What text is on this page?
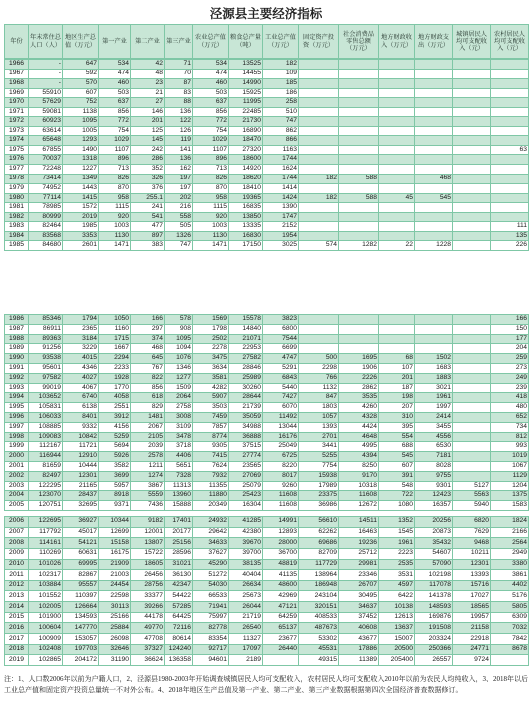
泾源县主要经济指标
年份	年末常住总人口（人）	地区生产总值（万元）	第一产业	第二产业	第三产业	农业总产值（万元）	粮食总产量（吨）	工业总产值（万元）	固定资产投资（万元）	社会消费品零售总额（万元）	地方财政收入（万元）	地方财政支出（万元）	城镇居民人均可支配收入（元）	农村居民人均可支配收入（元）
1966	-	647	534	42	71	534	13525	182						
1967	-	592	474	48	70	474	14455	109						
1968	-	570	460	23	87	460	14990	185						
1969	55910	607	503	21	83	503	15925	186						
1970	57629	752	637	27	88	637	11995	258						
1971	59081	1138	856	146	136	856	22485	510						
1972	60923	1095	772	201	122	772	21730	747						
1973	63614	1005	754	125	126	754	16890	862						
1974	65648	1293	1029	145	119	1029	18470	866						
1975	67855	1490	1107	242	141	1107	27320	1163						63
1976	70037	1318	896	286	136	896	18600	1744						
1977	72248	1227	713	352	162	713	14920	1624						
1978	73414	1349	826	326	197	826	18620	1744	182	588		468		
1979	74952	1443	870	376	197	870	18410	1414						
1980	77114	1415	958	255.1	202	958	19365	1424	182	588	45	545		
1981	78985	1572	1115	241	216	1115	16835	1390						
1982	80999	2019	920	541	558	920	13850	1747						
1983	82464	1985	1003	477	505	1003	13335	2152						111
1984	83568	3353	1130	897	1326	1130	16830	1954						135
1985	84680	2601	1471	383	747	1471	17150	3025	574	1282	22	1228		226
1986	85346	1794	1050	166	578	1569	15578	3823						166
1987	86911	2365	1160	297	908	1798	14840	6800						150
1988	89363	3184	1715	374	1095	2502	21071	7544						177
1989	91256	3229	1667	468	1094	2278	22953	6699						204
1990	93538	4015	2294	645	1076	3475	27582	4747	500	1695	68	1502		259
1991	95601	4346	2233	767	1346	3634	28846	5291	2298	1906	107	1683		273
1992	97582	4027	1928	822	1277	3581	25989	6843	766	2226	201	1883		249
1993	99019	4067	1770	856	1509	4282	30260	5440	1132	2862	187	3021		239
1994	103652	6740	4058	618	2064	5907	28644	7427	847	3535	198	1961		418
1995	105831	6138	2551	829	2758	3503	21739	6070	1803	4260	207	1997		480
1996	106033	8401	3912	1481	3008	7459	35059	11492	1057	4328	310	2414		652
1997	108885	9332	4156	2067	3109	7857	34988	13044	1393	4424	395	3455		734
1998	109083	10842	5259	2105	3478	8774	36888	16176	2701	4648	554	4556		812
1999	112167	11721	5694	2039	3718	9305	37515	25049	3441	4995	688	6530		993
2000	116944	12910	5926	2578	4406	7415	27774	6725	5255	4394	545	7181		1019
2001	81659	10444	3582	1211	5651	7624	23565	8220	7754	8250	607	8028		1067
2002	82497	12301	3699	1274	7328	7932	27069	8017	15938	9170	391	9755		1129
2003	122295	21165	5957	3867	11313	11355	25079	9260	17989	10318	548	9301	5127	1204
2004	123070	28437	8918	5559	13960	11880	25423	11608	23375	11608	722	12423	5563	1375
2005	120751	32695	9371	7436	15888	20349	16304	11608	36986	12672	1080	16357	5940	1583
2006	122695	36927	10344	9182	17401	24932	41285	14991	56610	14511	1352	20256	6820	1824
2007	117792	45017	12699	12001	20177	29642	42380	12893	62262	16463	1545	20873	7629	2166
2008	114161	54121	15158	13807	25156	34633	39670	28000	69686	19236	1961	35432	9468	2564
2009	110269	60631	16175	15722	28596	37627	39700	36700	82709	25712	2223	54607	10211	2949
2010	101026	69995	21909	18605	31021	45290	38135	48819	117729	29981	2535	57090	12301	3380
2011	102317	82867	21003	26456	36130	51272	40404	41135	138964	23346	3531	102198	13393	3861
2012	103884	95557	24454	28756	42347	54030	26634	48600	186948	26707	4597	117078	15716	4402
2013	101552	110397	22598	33377	54422	66533	25673	42969	243104	30495	6422	141378	17027	5176
2014	102005	126664	30113	39266	57285	71941	26044	47121	320151	34637	10138	148593	18565	5805
2015	101900	134593	25166	44178	64425	75997	21719	64259	408533	37452	12613	169876	19957	6309
2016	100604	147770	25884	49770	72116	82778	26540	65137	487673	40608	13637	191508	21158	7032
2017	100909	153057	26098	47708	80614	83354	11327	23677	53302	43677	15007	203324	22918	7842
2018	102408	197703	32646	37327	124240	92717	17097	26440	45531	17886	20500	250366	24771	8678
2019	102865	204172	31190	36624	136358	94601	2189		49315	11389	205400	26557	9724	
注：1、人口数2006年以前为户籍人口，2、泾源县1980-2003年开始调查城镇居民人均可支配收入，农村居民人均可支配收入2010年以前为农民人均纯收入，3、2018年以后工业总产值和固定资产投资总量统一不对外公布。4、2018年地区生产总值及第一产业、第二产业、第三产业数据根据第四次全国经济普查数据修订。
